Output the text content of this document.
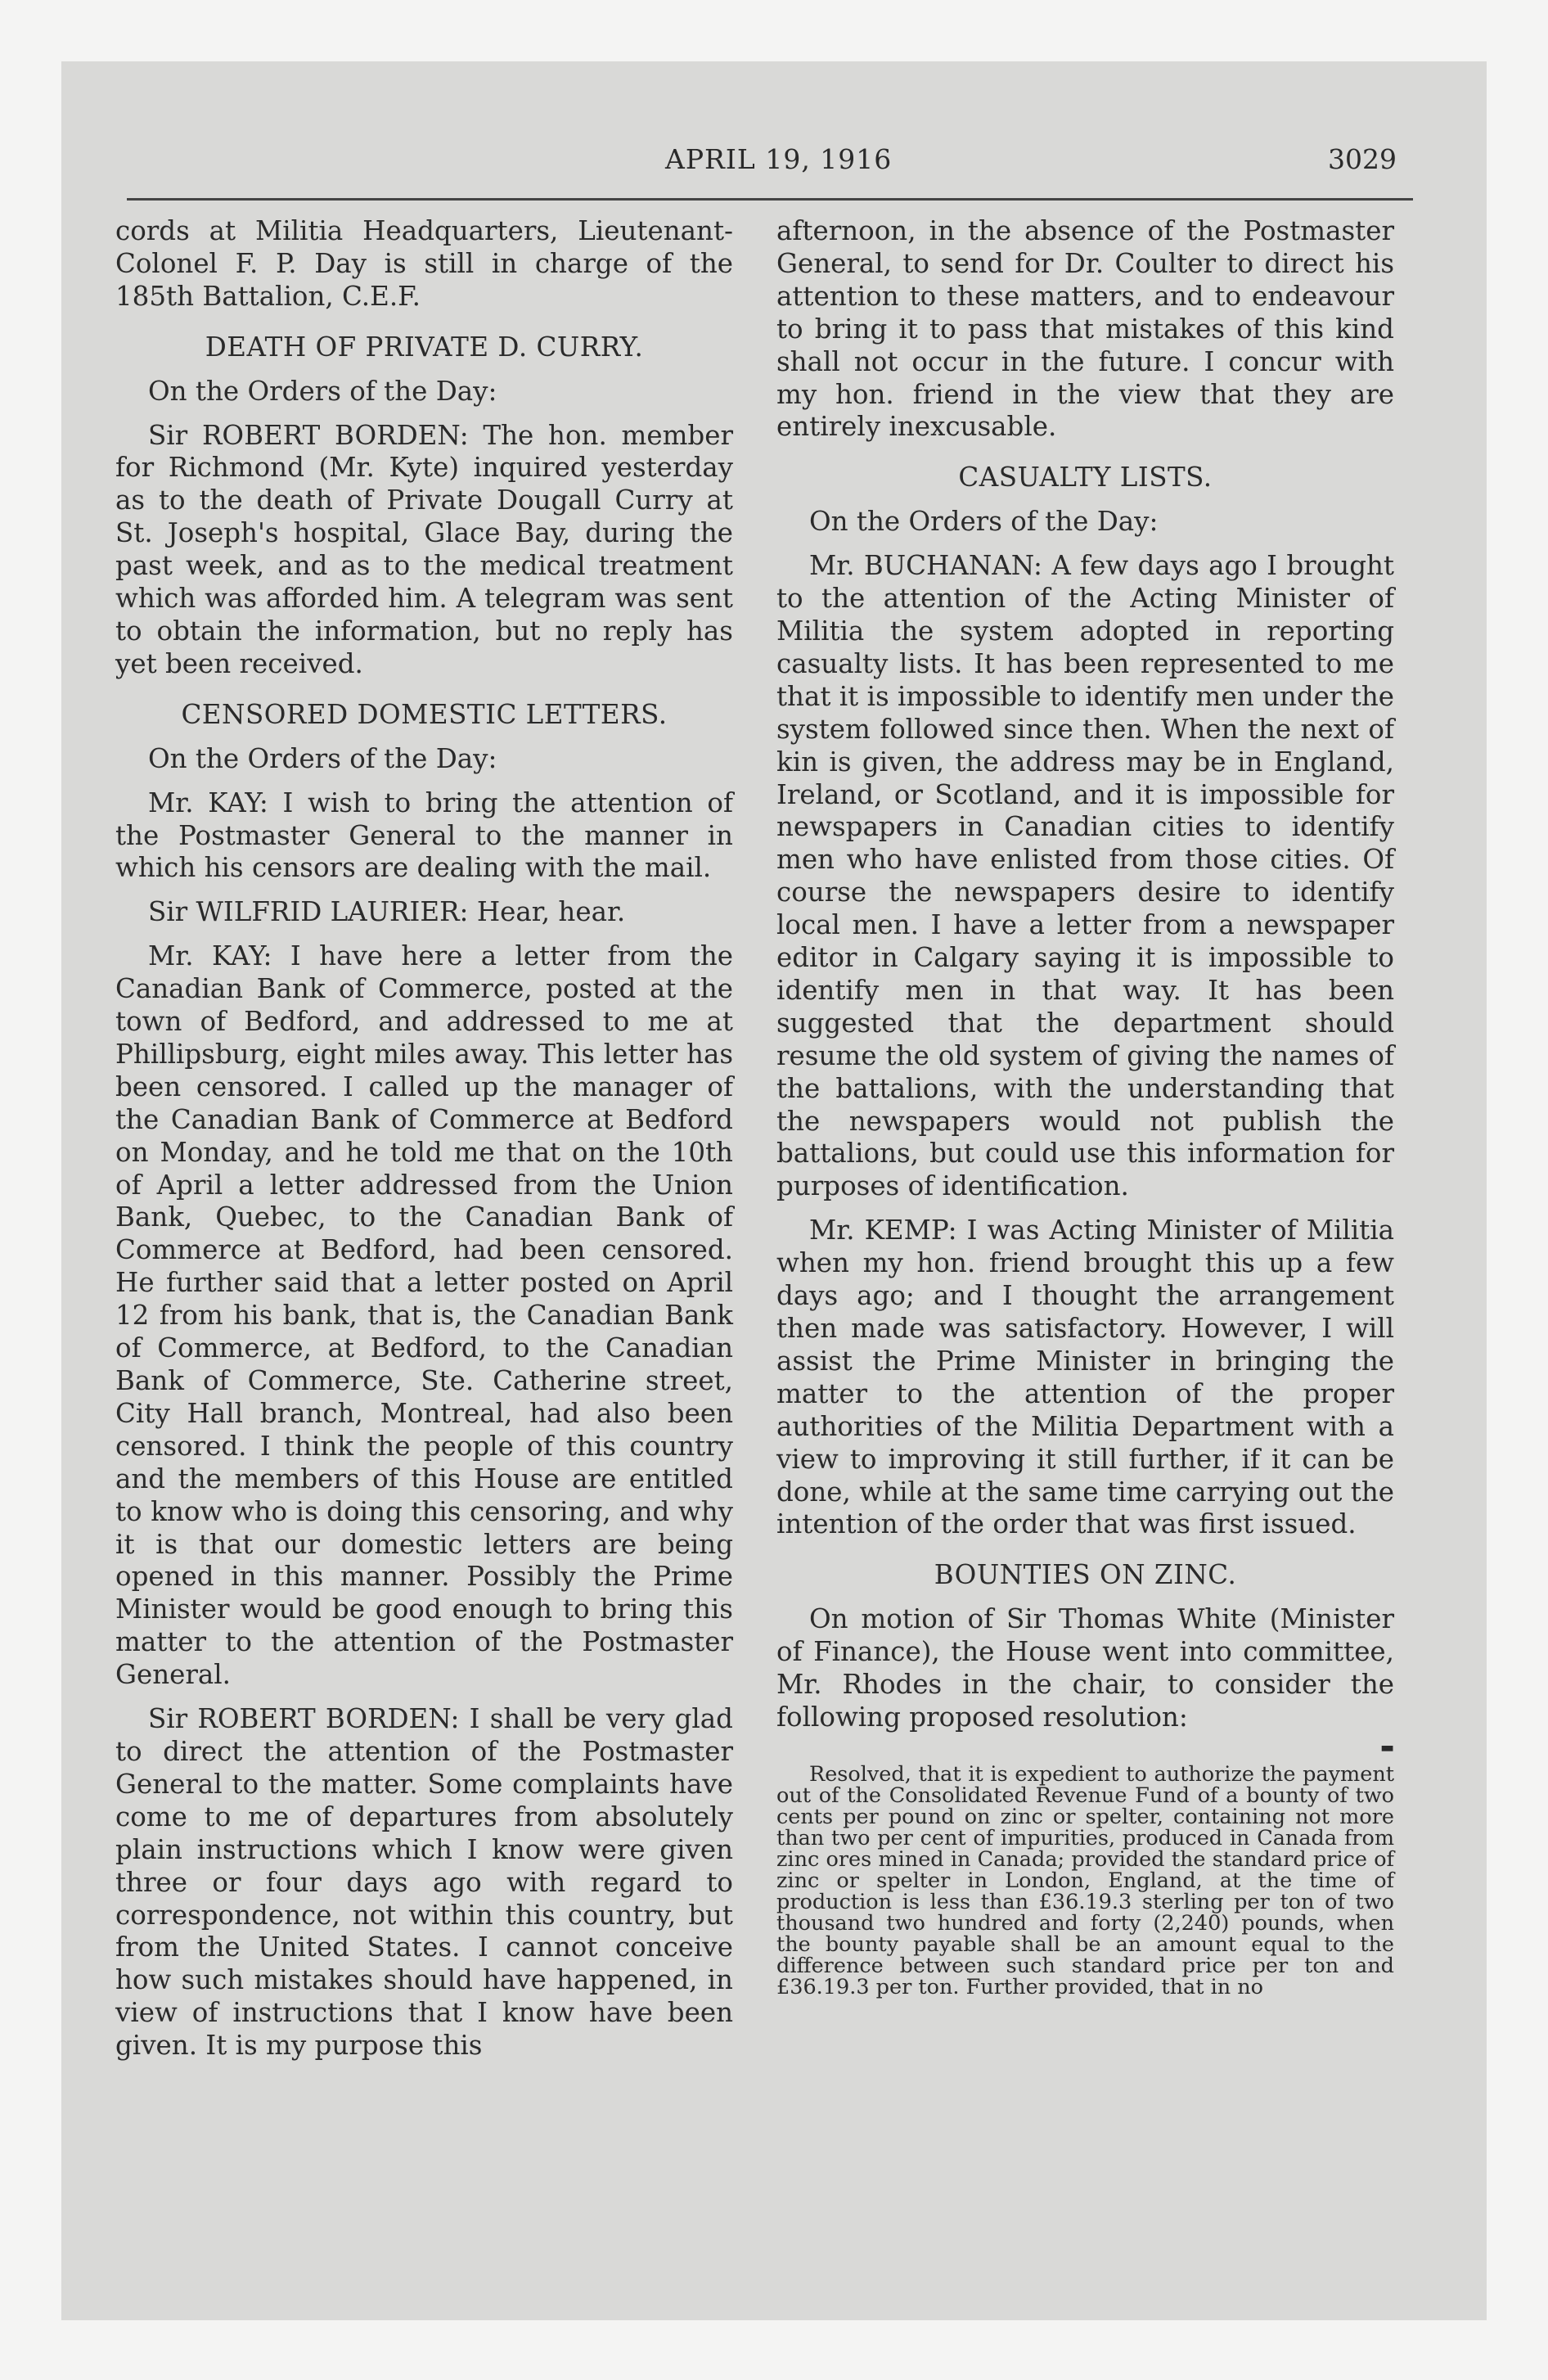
APRIL 19, 1916	3029

cords at Militia Headquarters, Lieutenant-Colonel F. P. Day is still in charge of the 185th Battalion, C.E.F.

DEATH OF PRIVATE D. CURRY.

On the Orders of the Day:

Sir ROBERT BORDEN: The hon. member for Richmond (Mr. Kyte) inquired yesterday as to the death of Private Dougall Curry at St. Joseph's hospital, Glace Bay, during the past week, and as to the medical treatment which was afforded him. A telegram was sent to obtain the information, but no reply has yet been received.

CENSORED DOMESTIC LETTERS.

On the Orders of the Day:

Mr. KAY: I wish to bring the attention of the Postmaster General to the manner in which his censors are dealing with the mail.

Sir WILFRID LAURIER: Hear, hear.

Mr. KAY: I have here a letter from the Canadian Bank of Commerce, posted at the town of Bedford, and addressed to me at Phillipsburg, eight miles away. This letter has been censored. I called up the manager of the Canadian Bank of Commerce at Bedford on Monday, and he told me that on the 10th of April a letter addressed from the Union Bank, Quebec, to the Canadian Bank of Commerce at Bedford, had been censored. He further said that a letter posted on April 12 from his bank, that is, the Canadian Bank of Commerce, at Bedford, to the Canadian Bank of Commerce, Ste. Catherine street, City Hall branch, Montreal, had also been censored. I think the people of this country and the members of this House are entitled to know who is doing this censoring, and why it is that our domestic letters are being opened in this manner. Possibly the Prime Minister would be good enough to bring this matter to the attention of the Postmaster General.

Sir ROBERT BORDEN: I shall be very glad to direct the attention of the Postmaster General to the matter. Some complaints have come to me of departures from absolutely plain instructions which I know were given three or four days ago with regard to correspondence, not within this country, but from the United States. I cannot conceive how such mistakes should have happened, in view of instructions that I know have been given. It is my purpose this

afternoon, in the absence of the Postmaster General, to send for Dr. Coulter to direct his attention to these matters, and to endeavour to bring it to pass that mistakes of this kind shall not occur in the future. I concur with my hon. friend in the view that they are entirely inexcusable.

CASUALTY LISTS.

On the Orders of the Day:

Mr. BUCHANAN: A few days ago I brought to the attention of the Acting Minister of Militia the system adopted in reporting casualty lists. It has been represented to me that it is impossible to identify men under the system followed since then. When the next of kin is given, the address may be in England, Ireland, or Scotland, and it is impossible for newspapers in Canadian cities to identify men who have enlisted from those cities. Of course the newspapers desire to identify local men. I have a letter from a newspaper editor in Calgary saying it is impossible to identify men in that way. It has been suggested that the department should resume the old system of giving the names of the battalions, with the understanding that the newspapers would not publish the battalions, but could use this information for purposes of identification.

Mr. KEMP: I was Acting Minister of Militia when my hon. friend brought this up a few days ago; and I thought the arrangement then made was satisfactory. However, I will assist the Prime Minister in bringing the matter to the attention of the proper authorities of the Militia Department with a view to improving it still further, if it can be done, while at the same time carrying out the intention of the order that was first issued.

BOUNTIES ON ZINC.

On motion of Sir Thomas White (Minister of Finance), the House went into committee, Mr. Rhodes in the chair, to consider the following proposed resolution:

▬

Resolved, that it is expedient to authorize the payment out of the Consolidated Revenue Fund of a bounty of two cents per pound on zinc or spelter, containing not more than two per cent of impurities, produced in Canada from zinc ores mined in Canada; provided the standard price of zinc or spelter in London, England, at the time of production is less than £36.19.3 sterling per ton of two thousand two hundred and forty (2,240) pounds, when the bounty payable shall be an amount equal to the difference between such standard price per ton and £36.19.3 per ton. Further provided, that in no
